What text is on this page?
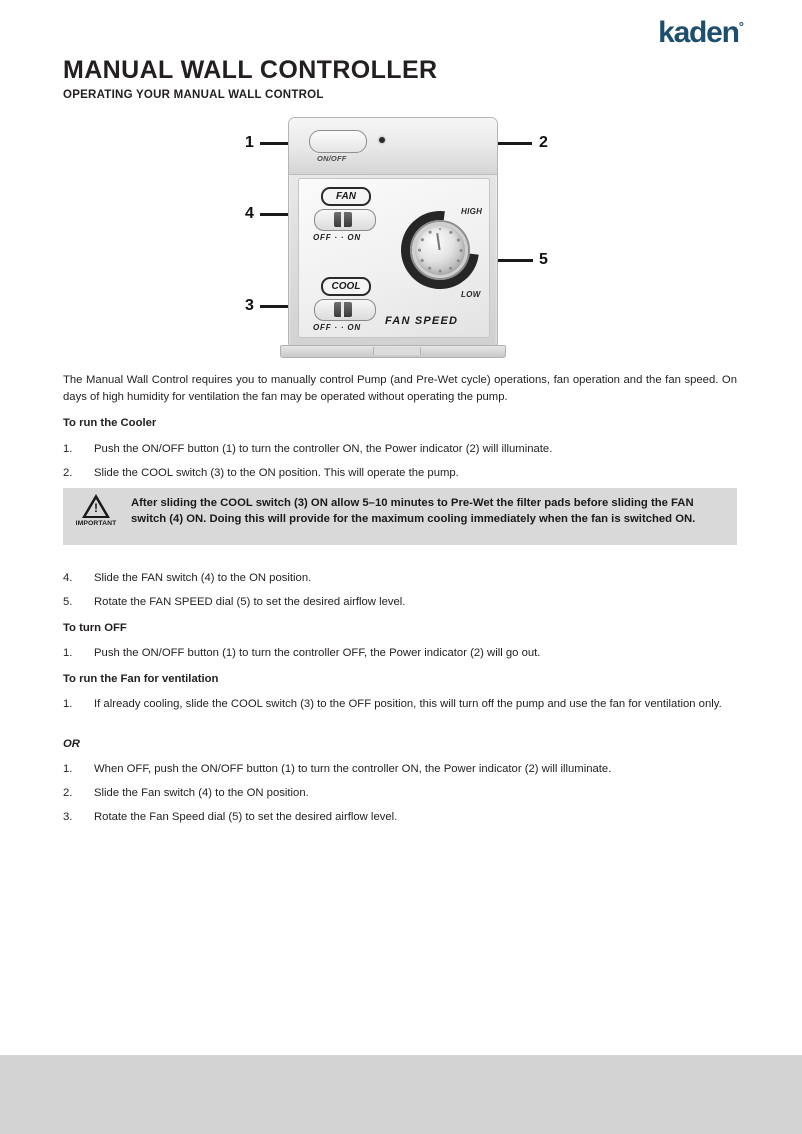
kaden°
MANUAL WALL CONTROLLER
OPERATING YOUR MANUAL WALL CONTROL
1	2
4
3
5
ON/OFF
FAN
OFF · · ON
COOL
OFF · · ON
HIGH
LOW
FAN SPEED
The Manual Wall Control requires you to manually control Pump (and Pre-Wet cycle) operations, fan operation and the fan speed. On days of high humidity for ventilation the fan may be operated without operating the pump.
To run the Cooler
1.	Push the ON/OFF button (1) to turn the controller ON, the Power indicator (2) will illuminate.
2.	Slide the COOL switch (3) to the ON position. This will operate the pump.
!
IMPORTANT
After sliding the COOL switch (3) ON allow 5–10 minutes to Pre-Wet the filter pads before sliding the FAN switch (4) ON. Doing this will provide for the maximum cooling immediately when the fan is switched ON.
4.	Slide the FAN switch (4) to the ON position.
5.	Rotate the FAN SPEED dial (5) to set the desired airflow level.
To turn OFF
1.	Push the ON/OFF button (1) to turn the controller OFF, the Power indicator (2) will go out.
To run the Fan for ventilation
1.	If already cooling, slide the COOL switch (3) to the OFF position, this will turn off the pump and use the fan for ventilation only.
OR
1.	When OFF, push the ON/OFF button (1) to turn the controller ON, the Power indicator (2) will illuminate.
2.	Slide the Fan switch (4) to the ON position.
3.	Rotate the Fan Speed dial (5) to set the desired airflow level.
